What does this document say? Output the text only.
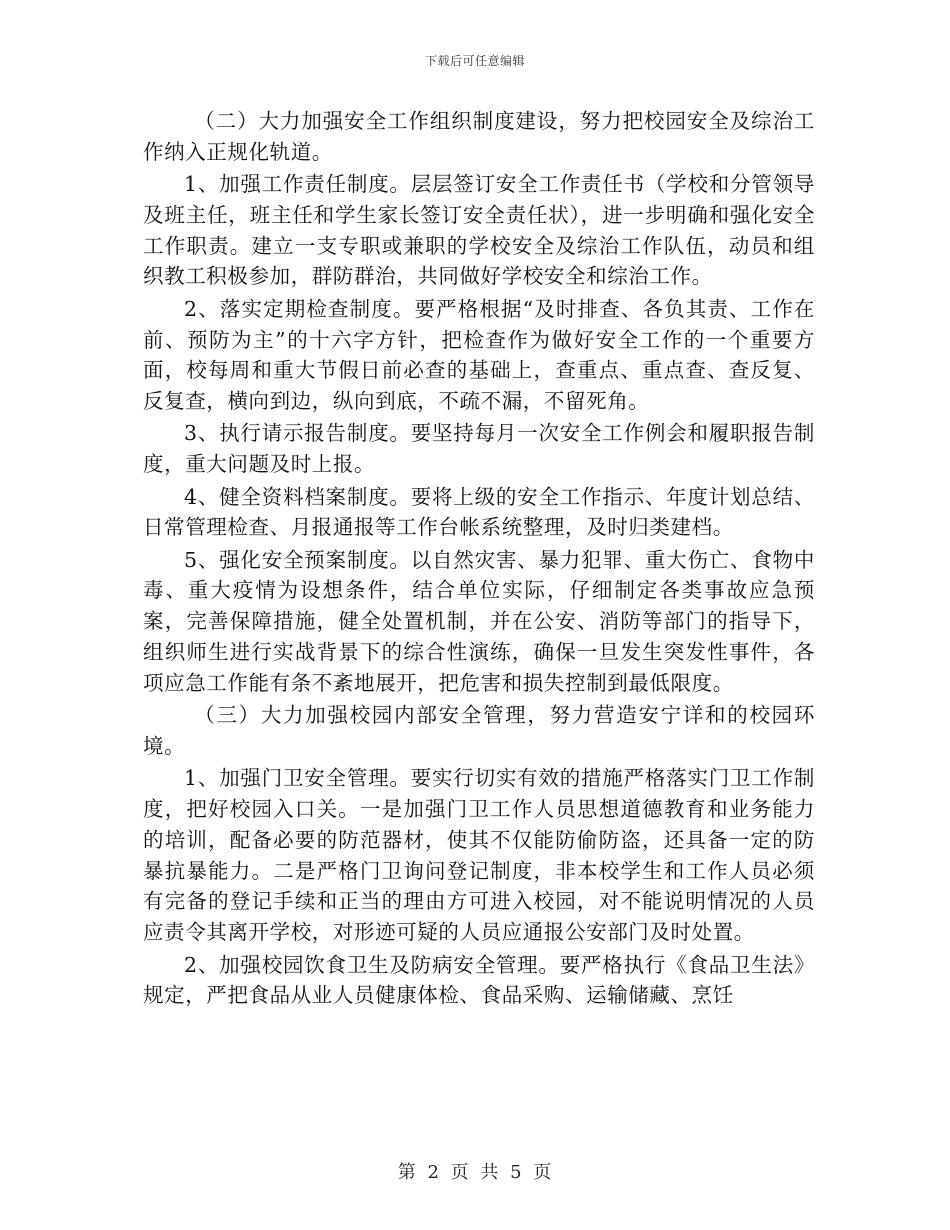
下载后可任意编辑

（二）大力加强安全工作组织制度建设，努力把校园安全及综治工作纳入正规化轨道。

1、加强工作责任制度。层层签订安全工作责任书（学校和分管领导及班主任，班主任和学生家长签订安全责任状），进一步明确和强化安全工作职责。建立一支专职或兼职的学校安全及综治工作队伍，动员和组织教工积极参加，群防群治，共同做好学校安全和综治工作。

2、落实定期检查制度。要严格根据“及时排查、各负其责、工作在前、预防为主”的十六字方针，把检查作为做好安全工作的一个重要方面，校每周和重大节假日前必查的基础上，查重点、重点查、查反复、反复查，横向到边，纵向到底，不疏不漏，不留死角。

3、执行请示报告制度。要坚持每月一次安全工作例会和履职报告制度，重大问题及时上报。

4、健全资料档案制度。要将上级的安全工作指示、年度计划总结、日常管理检查、月报通报等工作台帐系统整理，及时归类建档。

5、强化安全预案制度。以自然灾害、暴力犯罪、重大伤亡、食物中毒、重大疫情为设想条件，结合单位实际，仔细制定各类事故应急预案，完善保障措施，健全处置机制，并在公安、消防等部门的指导下，组织师生进行实战背景下的综合性演练，确保一旦发生突发性事件，各项应急工作能有条不紊地展开，把危害和损失控制到最低限度。

（三）大力加强校园内部安全管理，努力营造安宁详和的校园环境。

1、加强门卫安全管理。要实行切实有效的措施严格落实门卫工作制度，把好校园入口关。一是加强门卫工作人员思想道德教育和业务能力的培训，配备必要的防范器材，使其不仅能防偷防盗，还具备一定的防暴抗暴能力。二是严格门卫询问登记制度，非本校学生和工作人员必须有完备的登记手续和正当的理由方可进入校园，对不能说明情况的人员应责令其离开学校，对形迹可疑的人员应通报公安部门及时处置。

2、加强校园饮食卫生及防病安全管理。要严格执行《食品卫生法》规定，严把食品从业人员健康体检、食品采购、运输储藏、烹饪

第 2 页 共 5 页
